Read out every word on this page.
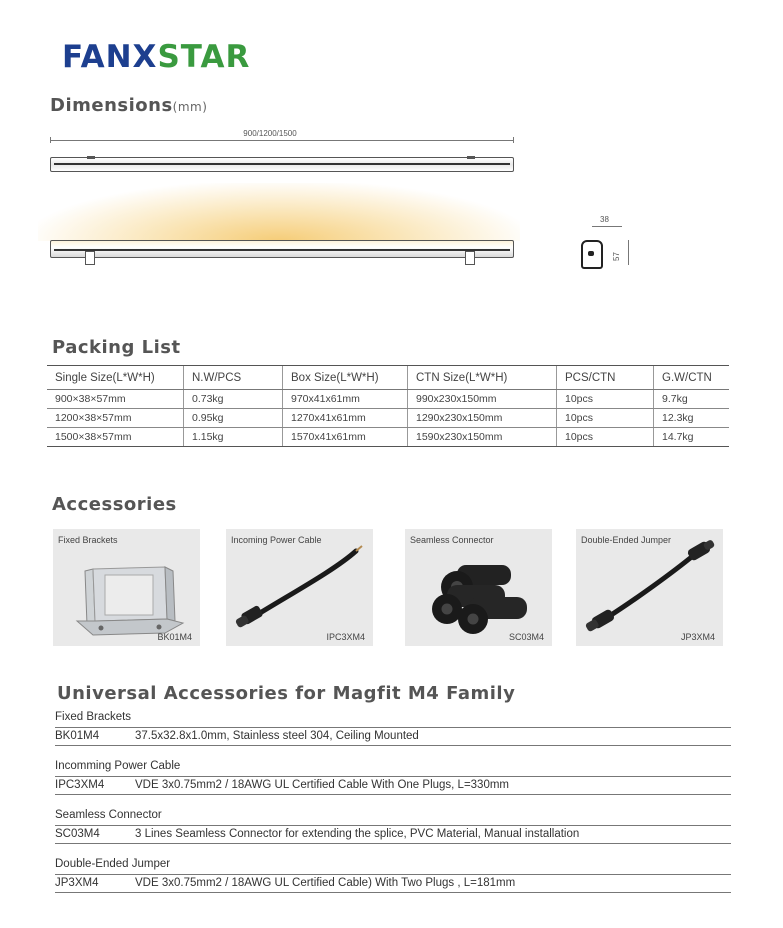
FANXSTAR
Dimensions(mm)
900/1200/1500
38
57
Packing List
Single Size(L*W*H)	N.W/PCS	Box Size(L*W*H)	CTN Size(L*W*H)	PCS/CTN	G.W/CTN
900×38×57mm	0.73kg	970x41x61mm	990x230x150mm	10pcs	9.7kg
1200×38×57mm	0.95kg	1270x41x61mm	1290x230x150mm	10pcs	12.3kg
1500×38×57mm	1.15kg	1570x41x61mm	1590x230x150mm	10pcs	14.7kg
Accessories
Fixed Brackets
BK01M4
Incoming Power Cable
IPC3XM4
Seamless Connector
SC03M4
Double-Ended Jumper
JP3XM4
Universal Accessories for Magfit M4 Family
Fixed Brackets
BK01M4	37.5x32.8x1.0mm, Stainless steel 304, Ceiling Mounted
Incomming Power Cable
IPC3XM4	VDE 3x0.75mm2 / 18AWG UL Certified Cable With One Plugs, L=330mm
Seamless Connector
SC03M4	3 Lines Seamless Connector for extending the splice, PVC Material, Manual installation
Double-Ended Jumper
JP3XM4	VDE 3x0.75mm2 / 18AWG UL Certified Cable) With Two Plugs , L=181mm
